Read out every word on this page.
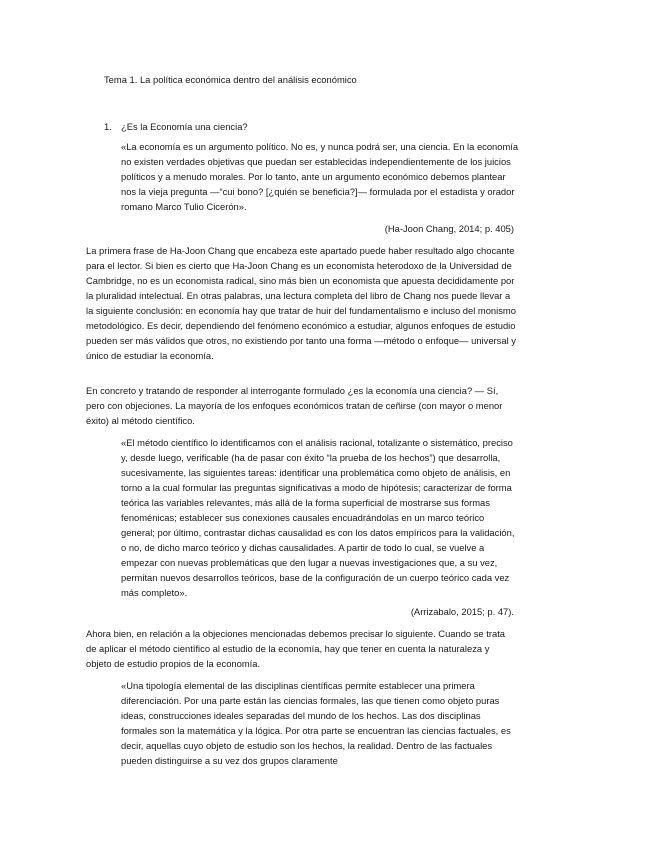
Tema 1. La política económica dentro del análisis económico

1. ¿Es la Economía una ciencia?

«La economía es un argumento político. No es, y nunca podrá ser, una ciencia. En la economía no existen verdades objetivas que puedan ser establecidas independientemente de los juicios políticos y a menudo morales. Por lo tanto, ante un argumento económico debemos plantear nos la vieja pregunta —“cui bono? [¿quién se beneficia?]— formulada por el estadista y orador romano Marco Tulio Cicerón».

(Ha-Joon Chang, 2014; p. 405)

La primera frase de Ha-Joon Chang que encabeza este apartado puede haber resultado algo chocante para el lector. Si bien es cierto que Ha-Joon Chang es un economista heterodoxo de la Universidad de Cambridge, no es un economista radical, sino más bien un economista que apuesta decididamente por la pluralidad intelectual. En otras palabras, una lectura completa del libro de Chang nos puede llevar a la siguiente conclusión: en economía hay que tratar de huir del fundamentalismo e incluso del monismo metodológico. Es decir, dependiendo del fenómeno económico a estudiar, algunos enfoques de estudio pueden ser más válidos que otros, no existiendo por tanto una forma —método o enfoque— universal y único de estudiar la economía.

En concreto y tratando de responder al interrogante formulado ¿es la economía una ciencia? — Sí, pero con objeciones. La mayoría de los enfoques económicos tratan de ceñirse (con mayor o menor éxito) al método científico.

«El método científico lo identificamos con el análisis racional, totalizante o sistemático, preciso y, desde luego, verificable (ha de pasar con éxito “la prueba de los hechos”) que desarrolla, sucesivamente, las siguientes tareas: identificar una problemática como objeto de análisis, en torno a la cual formular las preguntas significativas a modo de hipótesis; caracterizar de forma teórica las variables relevantes, más allá de la forma superficial de mostrarse sus formas fenoménicas; establecer sus conexiones causales encuadrándolas en un marco teórico general; por último, contrastar dichas causalidad es con los datos empíricos para la validación, o no, de dicho marco teórico y dichas causalidades. A partir de todo lo cual, se vuelve a empezar con nuevas problemáticas que den lugar a nuevas investigaciones que, a su vez, permitan nuevos desarrollos teóricos, base de la configuración de un cuerpo teórico cada vez más completo».

(Arrizabalo, 2015; p. 47).

Ahora bien, en relación a la objeciones mencionadas debemos precisar lo siguiente. Cuando se trata de aplicar el método científico al estudio de la economía, hay que tener en cuenta la naturaleza y objeto de estudio propios de la economía.

«Una tipología elemental de las disciplinas científicas permite establecer una primera diferenciación. Por una parte están las ciencias formales, las que tienen como objeto puras ideas, construcciones ideales separadas del mundo de los hechos. Las dos disciplinas formales son la matemática y la lógica. Por otra parte se encuentran las ciencias factuales, es decir, aquellas cuyo objeto de estudio son los hechos, la realidad. Dentro de las factuales pueden distinguirse a su vez dos grupos claramente
